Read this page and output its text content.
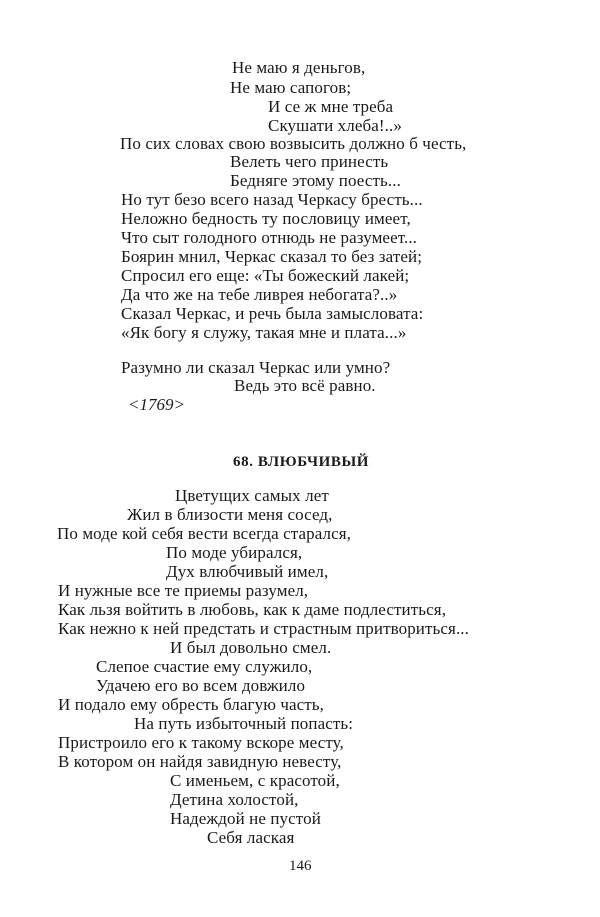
Не маю я деньгов,
Не маю сапогов;
И се ж мне треба
Скушати хлеба!..»
По сих словах свою возвысить должно б честь,
Велеть чего принесть
Бедняге этому поесть...
Но тут безо всего назад Черкасу бресть...
Неложно бедность ту пословицу имеет,
Что сыт голодного отнюдь не разумеет...
Боярин мнил, Черкас сказал то без затей;
Спросил его еще: «Ты божеский лакей;
Да что же на тебе ливрея небогата?..»
Сказал Черкас, и речь была замысловата:
«Як богу я служу, такая мне и плата...»
Разумно ли сказал Черкас или умно?
Ведь это всё равно.
<1769>
68. ВЛЮБЧИВЫЙ
Цветущих самых лет
Жил в близости меня сосед,
По моде кой себя вести всегда старался,
По моде убирался,
Дух влюбчивый имел,
И нужные все те приемы разумел,
Как льзя войтить в любовь, как к даме подлеститься,
Как нежно к ней предстать и страстным притвориться...
И был довольно смел.
Слепое счастие ему служило,
Удачею его во всем довжило
И подало ему обресть благую часть,
На путь избыточный попасть:
Пристроило его к такому вскоре месту,
В котором он найдя завидную невесту,
С именьем, с красотой,
Детина холостой,
Надеждой не пустой
Себя лаская
146
